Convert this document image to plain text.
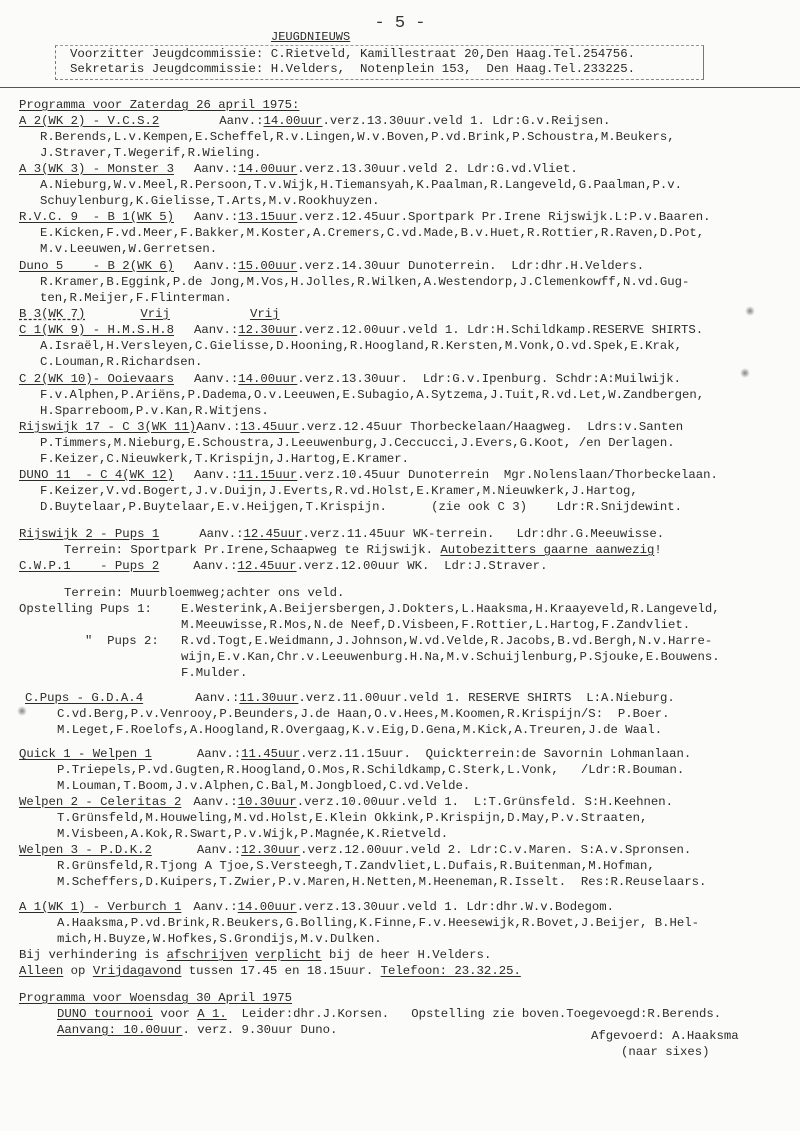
- 5 -
JEUGDNIEUWS
Voorzitter Jeugdcommissie: C.Rietveld, Kamillestraat 20,Den Haag.Tel.254756.
Sekretaris Jeugdcommissie: H.Velders,  Notenplein 153,  Den Haag.Tel.233225.
Programma voor Zaterdag 26 april 1975:
A 2(WK 2) - V.C.S.2	Aanv.:14.00uur.verz.13.30uur.veld 1. Ldr:G.v.Reijsen.
R.Berends,L.v.Kempen,E.Scheffel,R.v.Lingen,W.v.Boven,P.vd.Brink,P.Schoustra,M.Beukers,
J.Straver,T.Wegerif,R.Wieling.
A 3(WK 3) - Monster 3 Aanv.:14.00uur.verz.13.30uur.veld 2. Ldr:G.vd.Vliet.
A.Nieburg,W.v.Meel,R.Persoon,T.v.Wijk,H.Tiemansyah,K.Paalman,R.Langeveld,G.Paalman,P.v.
Schuylenburg,K.Gielisse,T.Arts,M.v.Rookhuyzen.
R.V.C. 9  - B 1(WK 5) Aanv.:13.15uur.verz.12.45uur.Sportpark Pr.Irene Rijswijk.L:P.v.Baaren.
E.Kicken,F.vd.Meer,F.Bakker,M.Koster,A.Cremers,C.vd.Made,B.v.Huet,R.Rottier,R.Raven,D.Pot,
M.v.Leeuwen,W.Gerretsen.
Duno 5    - B 2(WK 6) Aanv.:15.00uur.verz.14.30uur Dunoterrein.  Ldr:dhr.H.Velders.
R.Kramer,B.Eggink,P.de Jong,M.Vos,H.Jolles,R.Wilken,A.Westendorp,J.Clemenkowff,N.vd.Gug-
ten,R.Meijer,F.Flinterman.
B 3(WK 7)	Vrij	Vrij
C 1(WK 9) - H.M.S.H.8 Aanv.:12.30uur.verz.12.00uur.veld 1. Ldr:H.Schildkamp.RESERVE SHIRTS.
A.Israël,H.Versleyen,C.Gielisse,D.Hooning,R.Hoogland,R.Kersten,M.Vonk,O.vd.Spek,E.Krak,
C.Louman,R.Richardsen.
C 2(WK 10)- Ooievaars Aanv.:14.00uur.verz.13.30uur.  Ldr:G.v.Ipenburg. Schdr:A:Muilwijk.
F.v.Alphen,P.Ariëns,P.Dadema,O.v.Leeuwen,E.Subagio,A.Sytzema,J.Tuit,R.vd.Let,W.Zandbergen,
H.Sparreboom,P.v.Kan,R.Witjens.
Rijswijk 17 - C 3(WK 11)Aanv.:13.45uur.verz.12.45uur Thorbeckelaan/Haagweg.  Ldrs:v.Santen
P.Timmers,M.Nieburg,E.Schoustra,J.Leeuwenburg,J.Ceccucci,J.Evers,G.Koot, /en Derlagen.
F.Keizer,C.Nieuwkerk,T.Krispijn,J.Hartog,E.Kramer.
DUNO 11  - C 4(WK 12) Aanv.:11.15uur.verz.10.45uur Dunoterrein  Mgr.Nolenslaan/Thorbeckelaan.
F.Keizer,V.vd.Bogert,J.v.Duijn,J.Everts,R.vd.Holst,E.Kramer,M.Nieuwkerk,J.Hartog,
D.Buytelaar,P.Buytelaar,E.v.Heijgen,T.Krispijn.      (zie ook C 3)    Ldr:R.Snijdewint.
Rijswijk 2 - Pups 1	Aanv.:12.45uur.verz.11.45uur WK-terrein.   Ldr:dhr.G.Meeuwisse.
Terrein: Sportpark Pr.Irene,Schaapweg te Rijswijk. Autobezitters gaarne aanwezig!
C.W.P.1    - Pups 2	Aanv.:12.45uur.verz.12.00uur WK.  Ldr:J.Straver.
Terrein: Muurbloemweg;achter ons veld.
Opstelling Pups 1: E.Westerink,A.Beijersbergen,J.Dokters,L.Haaksma,H.Kraayeveld,R.Langeveld,
M.Meeuwisse,R.Mos,N.de Neef,D.Visbeen,F.Rottier,L.Hartog,F.Zandvliet.
"  Pups 2: R.vd.Togt,E.Weidmann,J.Johnson,W.vd.Velde,R.Jacobs,B.vd.Bergh,N.v.Harre-
wijn,E.v.Kan,Chr.v.Leeuwenburg.H.Na,M.v.Schuijlenburg,P.Sjouke,E.Bouwens.
F.Mulder.
C.Pups - G.D.A.4	Aanv.:11.30uur.verz.11.00uur.veld 1. RESERVE SHIRTS  L:A.Nieburg.
C.vd.Berg,P.v.Venrooy,P.Beunders,J.de Haan,O.v.Hees,M.Koomen,R.Krispijn/S:  P.Boer.
M.Leget,F.Roelofs,A.Hoogland,R.Overgaag,K.v.Eig,D.Gena,M.Kick,A.Treuren,J.de Waal.
Quick 1 - Welpen 1	Aanv.:11.45uur.verz.11.15uur.  Quickterrein:de Savornin Lohmanlaan.
P.Triepels,P.vd.Gugten,R.Hoogland,O.Mos,R.Schildkamp,C.Sterk,L.Vonk,   /Ldr:R.Bouman.
M.Louman,T.Boom,J.v.Alphen,C.Bal,M.Jongbloed,C.vd.Velde.
Welpen 2 - Celeritas 2 Aanv.:10.30uur.verz.10.00uur.veld 1.  L:T.Grünsfeld. S:H.Keehnen.
T.Grünsfeld,M.Houweling,M.vd.Holst,E.Klein Okkink,P.Krispijn,D.May,P.v.Straaten,
M.Visbeen,A.Kok,R.Swart,P.v.Wijk,P.Magnée,K.Rietveld.
Welpen 3 - P.D.K.2	Aanv.:12.30uur.verz.12.00uur.veld 2. Ldr:C.v.Maren. S:A.v.Spronsen.
R.Grünsfeld,R.Tjong A Tjoe,S.Versteegh,T.Zandvliet,L.Dufais,R.Buitenman,M.Hofman,
M.Scheffers,D.Kuipers,T.Zwier,P.v.Maren,H.Netten,M.Heeneman,R.Isselt.  Res:R.Reuselaars.
A 1(WK 1) - Verburch 1 Aanv.:14.00uur.verz.13.30uur.veld 1. Ldr:dhr.W.v.Bodegom.
A.Haaksma,P.vd.Brink,R.Beukers,G.Bolling,K.Finne,F.v.Heesewijk,R.Bovet,J.Beijer, B.Hel-
mich,H.Buyze,W.Hofkes,S.Grondijs,M.v.Dulken.
Bij verhindering is afschrijven verplicht bij de heer H.Velders.
Alleen op Vrijdagavond tussen 17.45 en 18.15uur. Telefoon: 23.32.25.
Programma voor Woensdag 30 April 1975
DUNO tournooi voor A 1.  Leider:dhr.J.Korsen.   Opstelling zie boven.Toegevoegd:R.Berends.
Aanvang: 10.00uur. verz. 9.30uur Duno.	Afgevoerd: A.Haaksma
(naar sixes)
